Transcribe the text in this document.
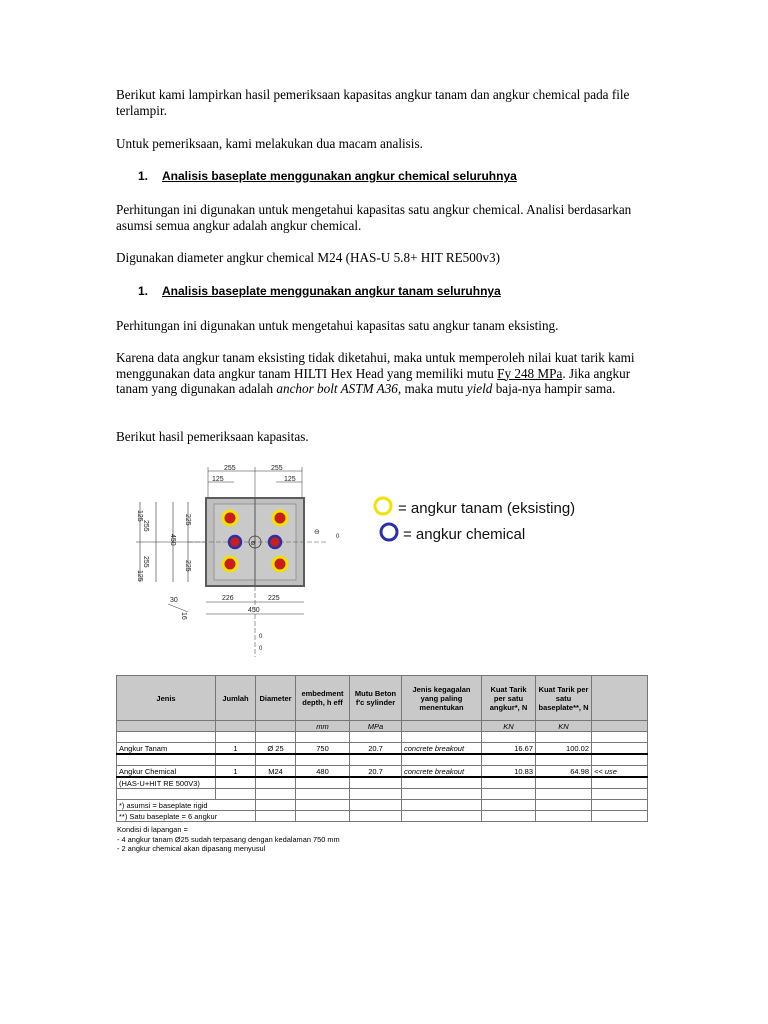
Berikut kami lampirkan hasil pemeriksaan kapasitas angkur tanam dan angkur chemical pada file terlampir.
Untuk pemeriksaan, kami melakukan dua macam analisis.
1. Analisis baseplate menggunakan angkur chemical seluruhnya
Perhitungan ini digunakan untuk mengetahui kapasitas satu angkur chemical. Analisi berdasarkan asumsi semua angkur adalah angkur chemical.
Digunakan diameter angkur chemical M24 (HAS-U 5.8+ HIT RE500v3)
1. Analisis baseplate menggunakan angkur tanam seluruhnya
Perhitungan ini digunakan untuk mengetahui kapasitas satu angkur tanam eksisting.
Karena data angkur tanam eksisting tidak diketahui, maka untuk memperoleh nilai kuat tarik kami menggunakan data angkur tanam HILTI Hex Head yang memiliki mutu Fy 248 MPa. Jika angkur tanam yang digunakan adalah anchor bolt ASTM A36, maka mutu yield baja-nya hampir sama.
Berikut hasil pemeriksaan kapasitas.
255	255
125	125
125
255
225
450
225
255
125
⊖
0
0
0
Ø
226	225
450
30
16
= angkur tanam (eksisting)
= angkur chemical
Jenis	Jumlah	Diameter	embedment depth, h eff	Mutu Beton f'c sylinder	Jenis kegagalan yang paling menentukan	Kuat Tarik per satu angkur*, N	Kuat Tarik per satu baseplate**, N	
			mm	MPa		KN	KN	

Angkur Tanam	1	Ø 25	750	20.7	concrete breakout	16.67	100.02	

Angkur Chemical	1	M24	480	20.7	concrete breakout	10.83	64.98	<< use
(HAS-U+HIT RE 500V3)								

*) asumsi = baseplate rigid								
**) Satu baseplate = 6 angkur								
Kondisi di lapangan =
- 4 angkur tanam Ø25 sudah terpasang dengan kedalaman 750 mm
- 2 angkur chemical akan dipasang menyusul
